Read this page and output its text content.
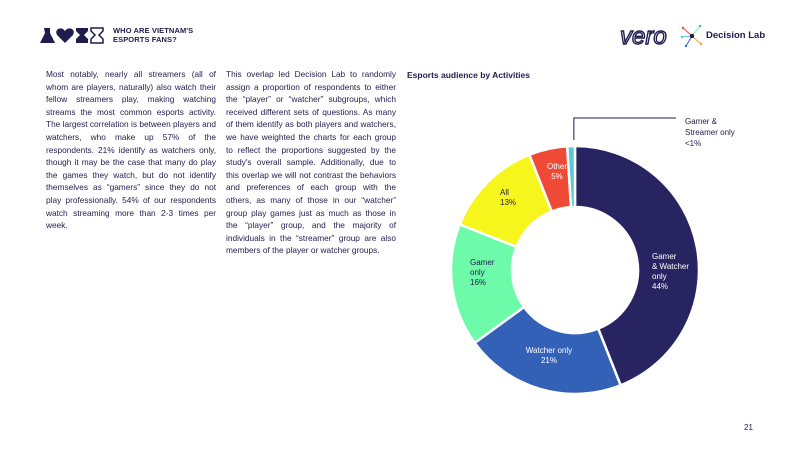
WHO ARE VIETNAM'S
ESPORTS FANS?	vero	Decision Lab
Most notably, nearly all streamers (all of whom are players, naturally) also watch their fellow streamers play, making watching streams the most common esports activity. The largest correlation is between players and watchers, who make up 57% of the respondents. 21% identify as watchers only, though it may be the case that many do play the games they watch, but do not identify themselves as “gamers” since they do not play professionally. 54% of our respondents watch streaming more than 2-3 times per week.
This overlap led Decision Lab to randomly assign a proportion of respondents to either the “player” or “watcher” subgroups, which received different sets of questions. As many of them identify as both players and watchers, we have weighted the charts for each group to reflect the proportions suggested by the study's overall sample. Additionally, due to this overlap we will not contrast the behaviors and preferences of each group with the others, as many of those in our “watcher” group play games just as much as those in the “player” group, and the majority of individuals in the “streamer” group are also members of the player or watcher groups.
Esports audience by Activities
Gamer & Watcher only 44%
Watcher only 21%
Gamer only 16%
All 13%
Other 5%
Gamer & Streamer only <1%
21
